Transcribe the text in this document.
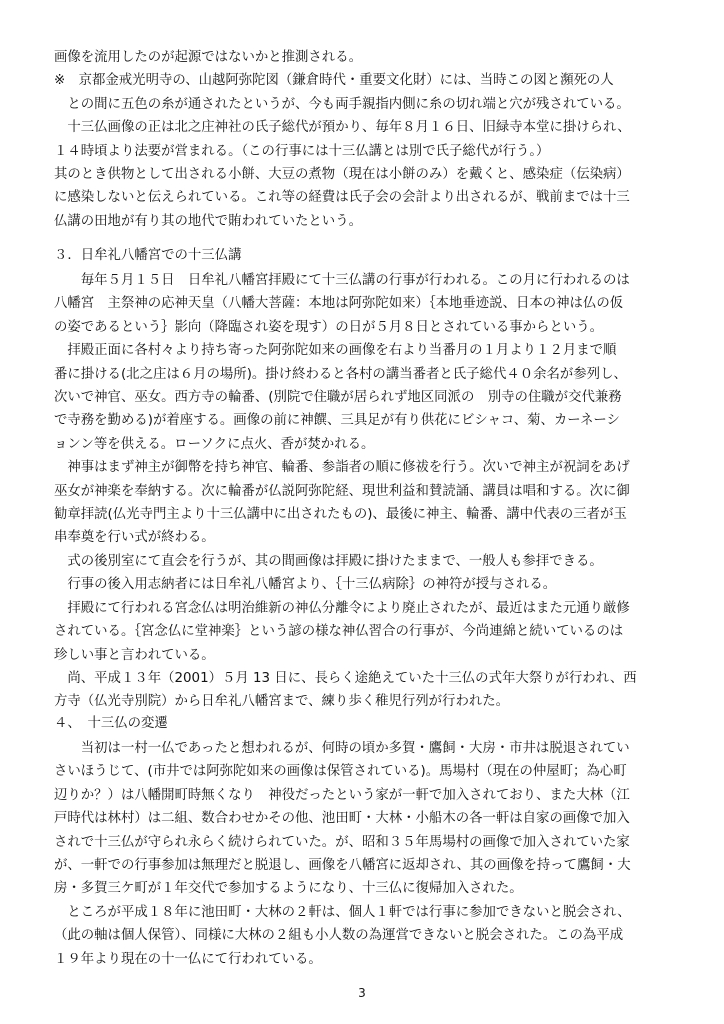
画像を流用したのが起源ではないかと推測される。
※　京都金戒光明寺の、山越阿弥陀図（鎌倉時代・重要文化財）には、当時この図と瀕死の人
　との間に五色の糸が通されたというが、今も両手親指内側に糸の切れ端と穴が残されている。
　十三仏画像の正は北之庄神社の氏子総代が預かり、毎年８月１６日、旧緑寺本堂に掛けられ、
１４時頃より法要が営まれる。（この行事には十三仏講とは別で氏子総代が行う。）
其のとき供物として出される小餅、大豆の煮物（現在は小餅のみ）を戴くと、感染症（伝染病）
に感染しないと伝えられている。これ等の経費は氏子会の会計より出されるが、戦前までは十三
仏講の田地が有り其の地代で賄われていたという。
３．日牟礼八幡宮での十三仏講
　　毎年５月１５日　日牟礼八幡宮拝殿にて十三仏講の行事が行われる。この月に行われるのは
八幡宮　主祭神の応神天皇（八幡大菩薩：本地は阿弥陀如来）｛本地垂迹説、日本の神は仏の仮
の姿であるという｝影向（降臨され姿を現す）の日が５月８日とされている事からという。
　拝殿正面に各村々より持ち寄った阿弥陀如来の画像を右より当番月の１月より１２月まで順
番に掛ける(北之庄は６月の場所)。掛け終わると各村の講当番者と氏子総代４０余名が参列し、
次いで神官、巫女。西方寺の輪番、(別院で住職が居られず地区同派の　別寺の住職が交代兼務
で寺務を勤める)が着座する。画像の前に神饌、三具足が有り供花にビシャコ、菊、カーネーシ
ョンン等を供える。ローソクに点火、香が焚かれる。
　神事はまず神主が御幣を持ち神官、輪番、参詣者の順に修祓を行う。次いで神主が祝詞をあげ
巫女が神楽を奉納する。次に輪番が仏説阿弥陀経、現世利益和賛読誦、講員は唱和する。次に御
勧章拝読(仏光寺門主より十三仏講中に出されたもの)、最後に神主、輪番、講中代表の三者が玉
串奉奠を行い式が終わる。
　式の後別室にて直会を行うが、其の間画像は拝殿に掛けたままで、一般人も参拝できる。
　行事の後入用志納者には日牟礼八幡宮より、｛十三仏病除｝の神符が授与される。
　拝殿にて行われる宮念仏は明治維新の神仏分離令により廃止されたが、最近はまた元通り厳修
されている。｛宮念仏に堂神楽｝という諺の様な神仏習合の行事が、今尚連綿と続いているのは
珍しい事と言われている。
　尚、平成１３年（2001）５月 13 日に、長らく途絶えていた十三仏の式年大祭りが行われ、西
方寺（仏光寺別院）から日牟礼八幡宮まで、練り歩く稚児行列が行われた。
４、　十三仏の変遷
　　当初は一村一仏であったと想われるが、何時の頃か多賀・鷹飼・大房・市井は脱退されてい
さいほうじて、(市井では阿弥陀如来の画像は保管されている)。馬場村（現在の仲屋町；為心町
辺りか？）は八幡開町時無くなり　神役だったという家が一軒で加入されており、また大林（江
戸時代は林村）は二組、数合わせかその他、池田町・大林・小船木の各一軒は自家の画像で加入
されで十三仏が守られ永らく続けられていた。が、昭和３５年馬場村の画像で加入されていた家
が、一軒での行事参加は無理だと脱退し、画像を八幡宮に返却され、其の画像を持って鷹飼・大
房・多賀三ケ町が１年交代で参加するようになり、十三仏に復帰加入された。
　ところが平成１８年に池田町・大林の２軒は、個人１軒では行事に参加できないと脱会され、
（此の軸は個人保管）、同様に大林の２組も小人数の為運営できないと脱会された。この為平成
１９年より現在の十一仏にて行われている。
3
